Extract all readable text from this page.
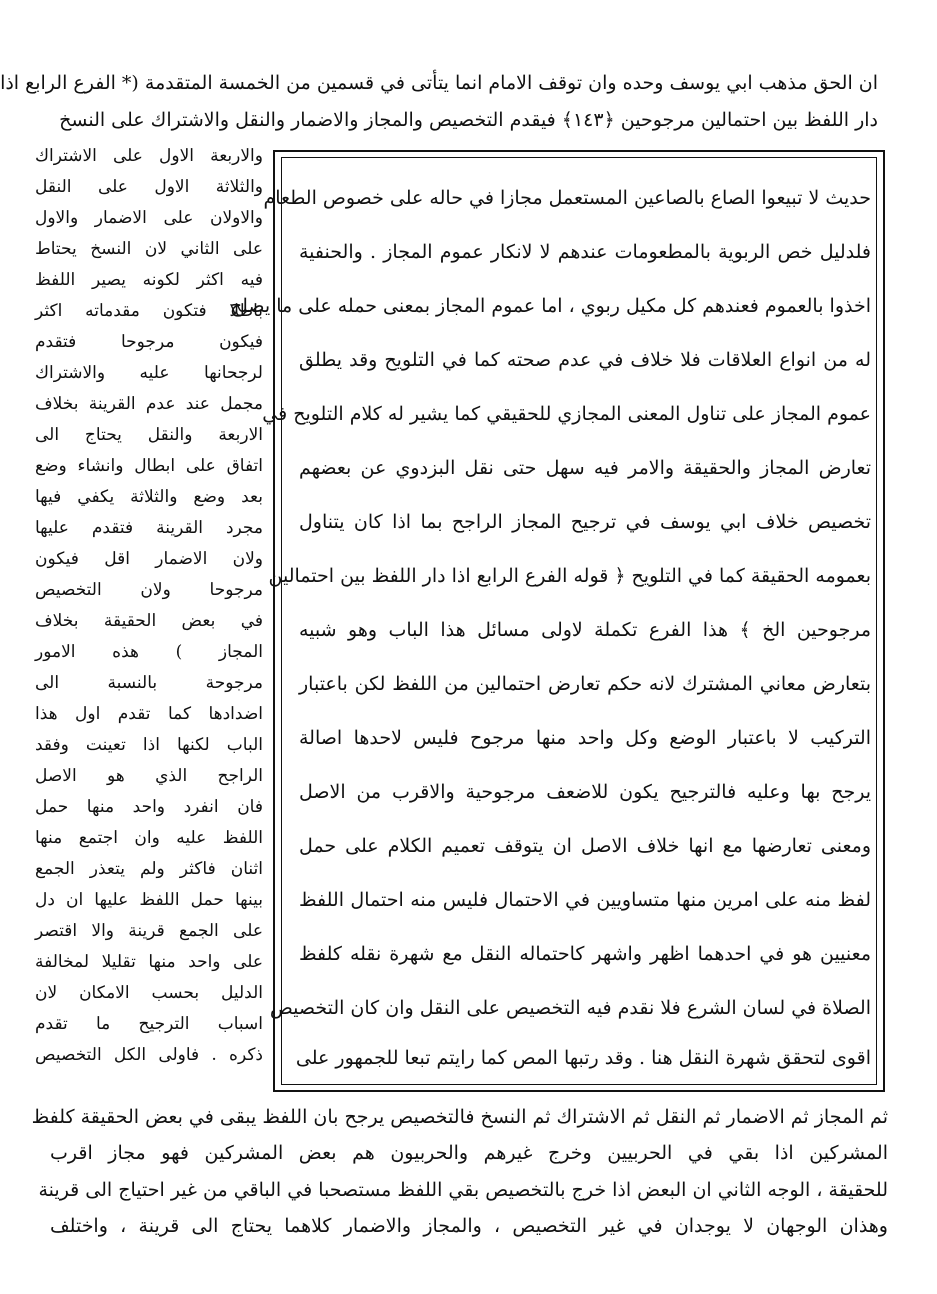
ان الحق مذهب ابي يوسف وحده وان توقف الامام انما يتأتى في قسمين من الخمسة المتقدمة (* الفرع الرابع اذا
دار اللفظ بين احتمالين مرجوحين ﴿١٤٣﴾ فيقدم التخصيص والمجاز والاضمار والنقل والاشتراك على النسخ
حديث لا تبيعوا الصاع بالصاعين المستعمل مجازا في حاله على خصوص الطعام
فلدليل خص الربوية بالمطعومات عندهم لا لانكار عموم المجاز . والحنفية
اخذوا بالعموم فعندهم كل مكيل ربوي ، اما عموم المجاز بمعنى حمله على ما يصلح
له من انواع العلاقات فلا خلاف في عدم صحته كما في التلويح وقد يطلق
عموم المجاز على تناول المعنى المجازي للحقيقي كما يشير له كلام التلويح في
تعارض المجاز والحقيقة والامر فيه سهل حتى نقل البزدوي عن بعضهم
تخصيص خلاف ابي يوسف في ترجيح المجاز الراجح بما اذا كان يتناول
بعمومه الحقيقة كما في التلويح ﴿ قوله الفرع الرابع اذا دار اللفظ بين احتمالين
مرجوحين الخ ﴾ هذا الفرع تكملة لاولى مسائل هذا الباب وهو شبيه
بتعارض معاني المشترك لانه حكم تعارض احتمالين من اللفظ لكن باعتبار
التركيب لا باعتبار الوضع وكل واحد منها مرجوح فليس لاحدها اصالة
يرجح بها وعليه فالترجيح يكون للاضعف مرجوحية والاقرب من الاصل
ومعنى تعارضها مع انها خلاف الاصل ان يتوقف تعميم الكلام على حمل
لفظ منه على امرين منها متساويين في الاحتمال فليس منه احتمال اللفظ
معنيين هو في احدهما اظهر واشهر كاحتماله النقل مع شهرة نقله كلفظ
الصلاة في لسان الشرع فلا نقدم فيه التخصيص على النقل وان كان التخصيص
اقوى لتحقق شهرة النقل هنا . وقد رتبها المص كما رايتم تبعا للجمهور على
والاربعة الاول على الاشتراك
والثلاثة الاول على النقل
والاولان على الاضمار والاول
على الثاني لان النسخ يحتاط
فيه اكثر لكونه يصير اللفظ
باطلا فتكون مقدماته اكثر
فيكون مرجوحا فتقدم
لرجحانها عليه والاشتراك
مجمل عند عدم القرينة بخلاف
الاربعة والنقل يحتاج الى
اتفاق على ابطال وانشاء وضع
بعد وضع والثلاثة يكفي فيها
مجرد القرينة فتقدم عليها
ولان الاضمار اقل فيكون
مرجوحا ولان التخصيص
في بعض الحقيقة بخلاف
المجاز ) هذه الامور
مرجوحة بالنسبة الى
اضدادها كما تقدم اول هذا
الباب لكنها اذا تعينت وفقد
الراجح الذي هو الاصل
فان انفرد واحد منها حمل
اللفظ عليه وان اجتمع منها
اثنان فاكثر ولم يتعذر الجمع
بينها حمل اللفظ عليها ان دل
على الجمع قرينة والا اقتصر
على واحد منها تقليلا لمخالفة
الدليل بحسب الامكان لان
اسباب الترجيح ما تقدم
ذكره . فاولى الكل التخصيص
ثم المجاز ثم الاضمار ثم النقل ثم الاشتراك ثم النسخ فالتخصيص يرجح بان اللفظ يبقى في بعض الحقيقة كلفظ
المشركين اذا بقي في الحربيين وخرج غيرهم والحربيون هم بعض المشركين فهو مجاز اقرب
للحقيقة ، الوجه الثاني ان البعض اذا خرج بالتخصيص بقي اللفظ مستصحبا في الباقي من غير احتياج الى قرينة
وهذان الوجهان لا يوجدان في غير التخصيص ، والمجاز والاضمار كلاهما يحتاج الى قرينة ، واختلف
